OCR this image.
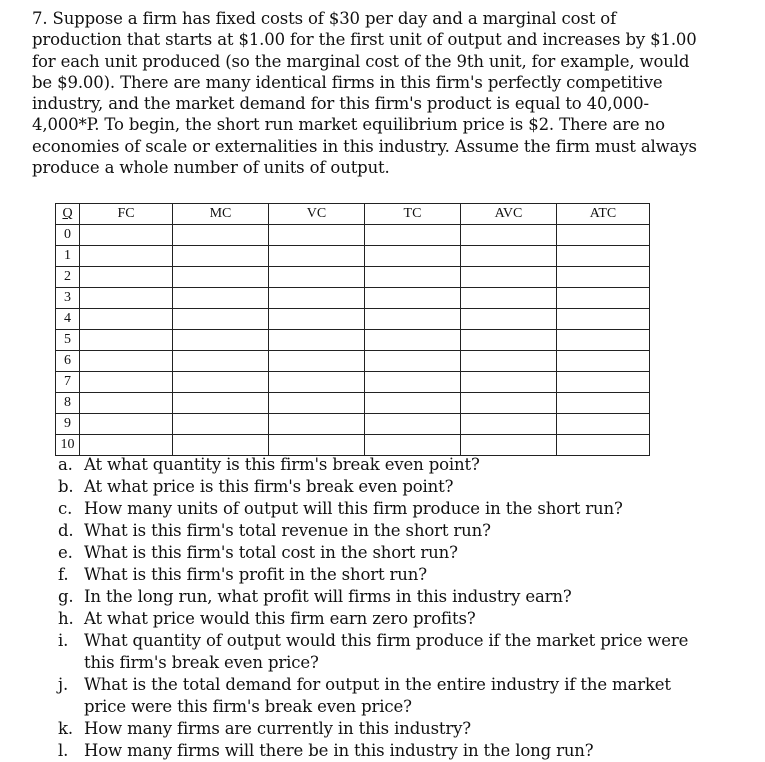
7. Suppose a firm has fixed costs of $30 per day and a marginal cost of
production that starts at $1.00 for the first unit of output and increases by $1.00
for each unit produced (so the marginal cost of the 9th unit, for example, would
be $9.00). There are many identical firms in this firm's perfectly competitive
industry, and the market demand for this firm's product is equal to 40,000-
4,000*P. To begin, the short run market equilibrium price is $2. There are no
economies of scale or externalities in this industry. Assume the firm must always
produce a whole number of units of output.
Q	FC	MC	VC	TC	AVC	ATC
0						
1						
2						
3						
4						
5						
6						
7						
8						
9						
10						
a. At what quantity is this firm's break even point?
b. At what price is this firm's break even point?
c. How many units of output will this firm produce in the short run?
d. What is this firm's total revenue in the short run?
e. What is this firm's total cost in the short run?
f. What is this firm's profit in the short run?
g. In the long run, what profit will firms in this industry earn?
h. At what price would this firm earn zero profits?
i. What quantity of output would this firm produce if the market price were
this firm's break even price?
j. What is the total demand for output in the entire industry if the market
price were this firm's break even price?
k. How many firms are currently in this industry?
l. How many firms will there be in this industry in the long run?
